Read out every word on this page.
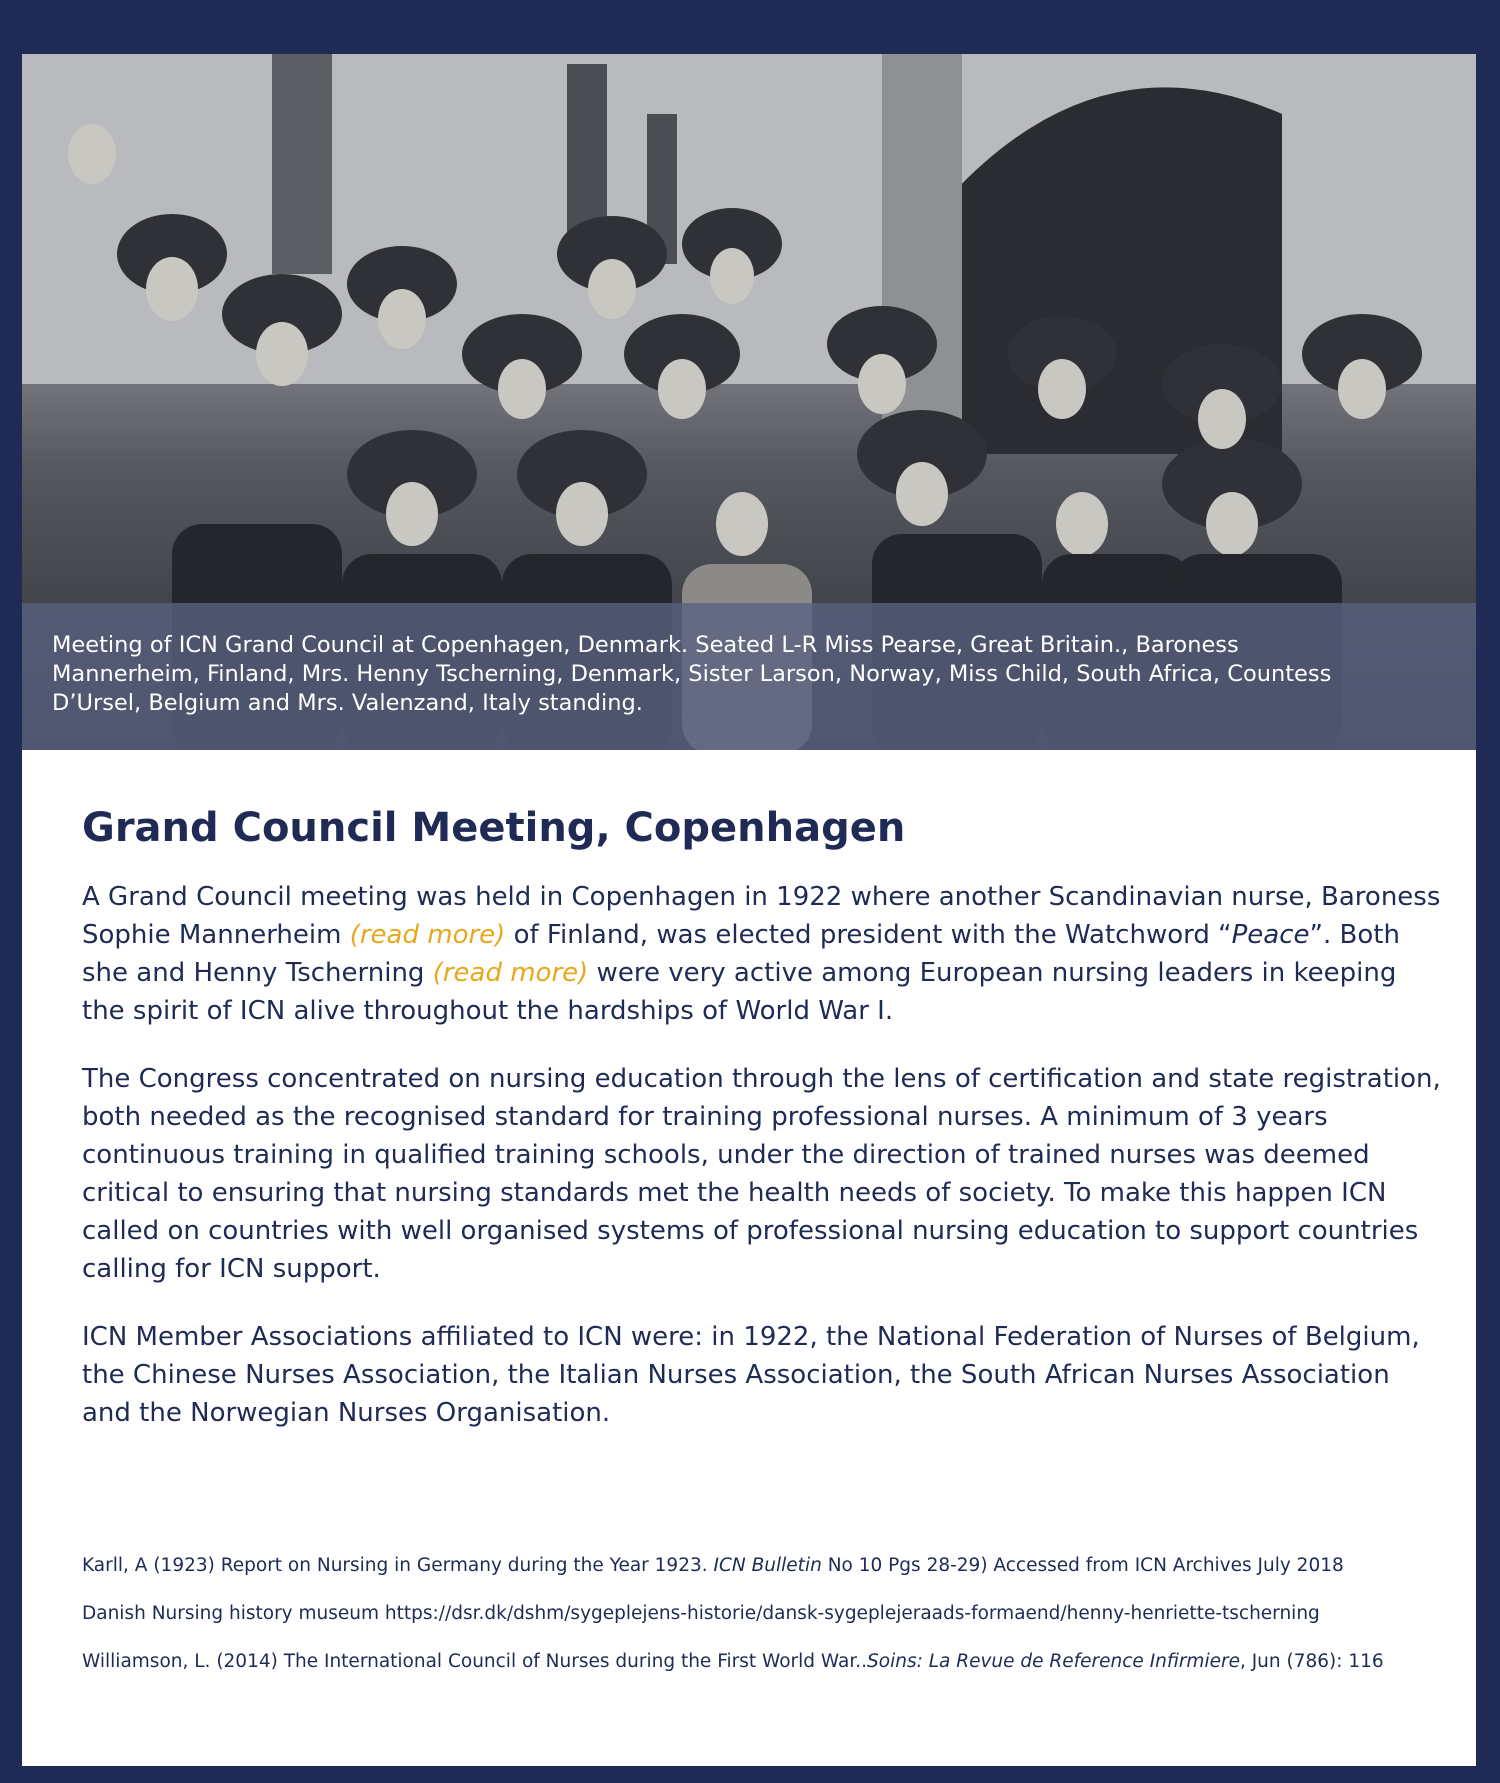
Meeting of ICN Grand Council at Copenhagen, Denmark. Seated L-R Miss Pearse, Great Britain., Baroness Mannerheim, Finland, Mrs. Henny Tscherning, Denmark, Sister Larson, Norway, Miss Child, South Africa, Countess D’Ursel, Belgium and Mrs. Valenzand, Italy standing.

Grand Council Meeting, Copenhagen

A Grand Council meeting was held in Copenhagen in 1922 where another Scandinavian nurse, Baroness Sophie Mannerheim (read more) of Finland, was elected president with the Watchword “Peace”. Both she and Henny Tscherning (read more) were very active among European nursing leaders in keeping the spirit of ICN alive throughout the hardships of World War I.

The Congress concentrated on nursing education through the lens of certification and state registration, both needed as the recognised standard for training professional nurses. A minimum of 3 years continuous training in qualified training schools, under the direction of trained nurses was deemed critical to ensuring that nursing standards met the health needs of society. To make this happen ICN called on countries with well organised systems of professional nursing education to support countries calling for ICN support.

ICN Member Associations affiliated to ICN were: in 1922, the National Federation of Nurses of Belgium, the Chinese Nurses Association, the Italian Nurses Association, the South African Nurses Association and the Norwegian Nurses Organisation.

Karll, A (1923) Report on Nursing in Germany during the Year 1923. ICN Bulletin No 10 Pgs 28-29) Accessed from ICN Archives July 2018

Danish Nursing history museum https://dsr.dk/dshm/sygeplejens-historie/dansk-sygeplejeraads-formaend/henny-henriette-tscherning

Williamson, L. (2014) The International Council of Nurses during the First World War..Soins: La Revue de Reference Infirmiere, Jun (786): 116
